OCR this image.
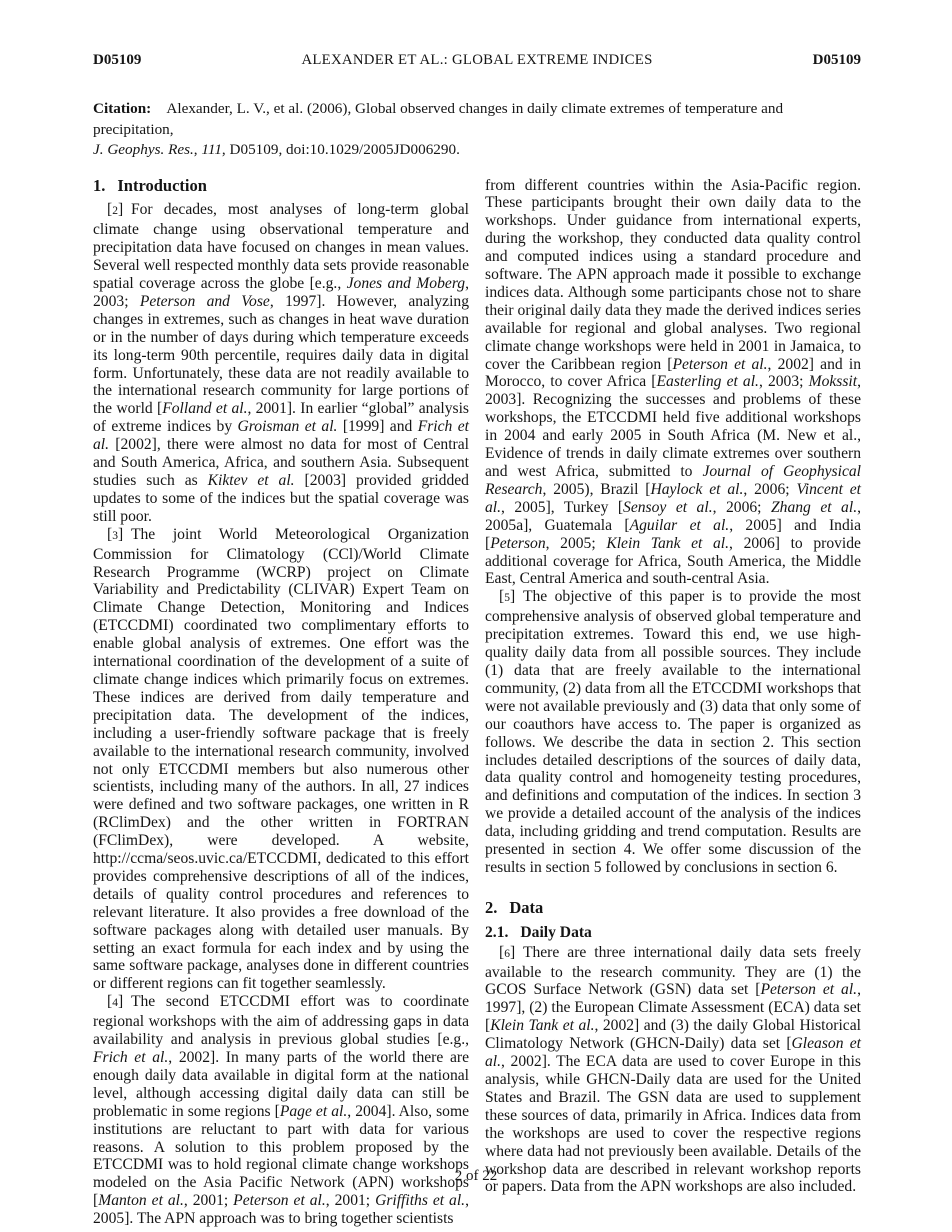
D05109	ALEXANDER ET AL.: GLOBAL EXTREME INDICES	D05109
Citation:  Alexander, L. V., et al. (2006), Global observed changes in daily climate extremes of temperature and precipitation,
J. Geophys. Res., 111, D05109, doi:10.1029/2005JD006290.
1. Introduction

[2] For decades, most analyses of long-term global climate change using observational temperature and precipitation data have focused on changes in mean values. Several well respected monthly data sets provide reasonable spatial coverage across the globe [e.g., Jones and Moberg, 2003; Peterson and Vose, 1997]. However, analyzing changes in extremes, such as changes in heat wave duration or in the number of days during which temperature exceeds its long-term 90th percentile, requires daily data in digital form. Unfortunately, these data are not readily available to the international research community for large portions of the world [Folland et al., 2001]. In earlier “global” analysis of extreme indices by Groisman et al. [1999] and Frich et al. [2002], there were almost no data for most of Central and South America, Africa, and southern Asia. Subsequent studies such as Kiktev et al. [2003] provided gridded updates to some of the indices but the spatial coverage was still poor.

[3] The joint World Meteorological Organization Commission for Climatology (CCl)/World Climate Research Programme (WCRP) project on Climate Variability and Predictability (CLIVAR) Expert Team on Climate Change Detection, Monitoring and Indices (ETCCDMI) coordinated two complimentary efforts to enable global analysis of extremes. One effort was the international coordination of the development of a suite of climate change indices which primarily focus on extremes. These indices are derived from daily temperature and precipitation data. The development of the indices, including a user-friendly software package that is freely available to the international research community, involved not only ETCCDMI members but also numerous other scientists, including many of the authors. In all, 27 indices were defined and two software packages, one written in R (RClimDex) and the other written in FORTRAN (FClimDex), were developed. A website, http://ccma/seos.uvic.ca/ETCCDMI, dedicated to this effort provides comprehensive descriptions of all of the indices, details of quality control procedures and references to relevant literature. It also provides a free download of the software packages along with detailed user manuals. By setting an exact formula for each index and by using the same software package, analyses done in different countries or different regions can fit together seamlessly.

[4] The second ETCCDMI effort was to coordinate regional workshops with the aim of addressing gaps in data availability and analysis in previous global studies [e.g., Frich et al., 2002]. In many parts of the world there are enough daily data available in digital form at the national level, although accessing digital daily data can still be problematic in some regions [Page et al., 2004]. Also, some institutions are reluctant to part with data for various reasons. A solution to this problem proposed by the ETCCDMI was to hold regional climate change workshops modeled on the Asia Pacific Network (APN) workshops [Manton et al., 2001; Peterson et al., 2001; Griffiths et al., 2005]. The APN approach was to bring together scientists

from different countries within the Asia-Pacific region. These participants brought their own daily data to the workshops. Under guidance from international experts, during the workshop, they conducted data quality control and computed indices using a standard procedure and software. The APN approach made it possible to exchange indices data. Although some participants chose not to share their original daily data they made the derived indices series available for regional and global analyses. Two regional climate change workshops were held in 2001 in Jamaica, to cover the Caribbean region [Peterson et al., 2002] and in Morocco, to cover Africa [Easterling et al., 2003; Mokssit, 2003]. Recognizing the successes and problems of these workshops, the ETCCDMI held five additional workshops in 2004 and early 2005 in South Africa (M. New et al., Evidence of trends in daily climate extremes over southern and west Africa, submitted to Journal of Geophysical Research, 2005), Brazil [Haylock et al., 2006; Vincent et al., 2005], Turkey [Sensoy et al., 2006; Zhang et al., 2005a], Guatemala [Aguilar et al., 2005] and India [Peterson, 2005; Klein Tank et al., 2006] to provide additional coverage for Africa, South America, the Middle East, Central America and south-central Asia.

[5] The objective of this paper is to provide the most comprehensive analysis of observed global temperature and precipitation extremes. Toward this end, we use high-quality daily data from all possible sources. They include (1) data that are freely available to the international community, (2) data from all the ETCCDMI workshops that were not available previously and (3) data that only some of our coauthors have access to. The paper is organized as follows. We describe the data in section 2. This section includes detailed descriptions of the sources of daily data, data quality control and homogeneity testing procedures, and definitions and computation of the indices. In section 3 we provide a detailed account of the analysis of the indices data, including gridding and trend computation. Results are presented in section 4. We offer some discussion of the results in section 5 followed by conclusions in section 6.

2. Data
2.1. Daily Data

[6] There are three international daily data sets freely available to the research community. They are (1) the GCOS Surface Network (GSN) data set [Peterson et al., 1997], (2) the European Climate Assessment (ECA) data set [Klein Tank et al., 2002] and (3) the daily Global Historical Climatology Network (GHCN-Daily) data set [Gleason et al., 2002]. The ECA data are used to cover Europe in this analysis, while GHCN-Daily data are used for the United States and Brazil. The GSN data are used to supplement these sources of data, primarily in Africa. Indices data from the workshops are used to cover the respective regions where data had not previously been available. Details of the workshop data are described in relevant workshop reports or papers. Data from the APN workshops are also included.

2 of 22
